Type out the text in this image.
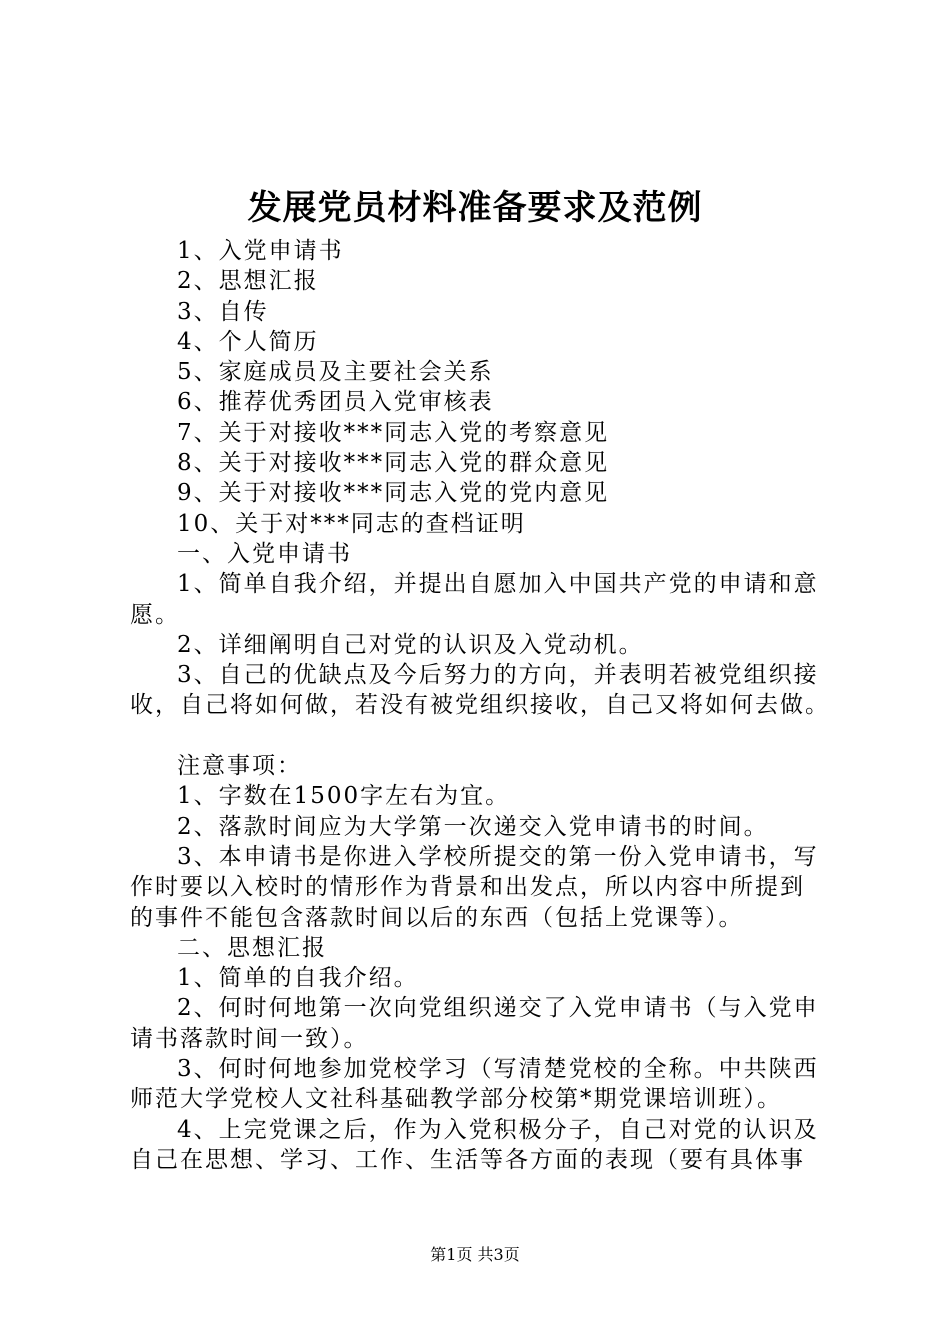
发展党员材料准备要求及范例
1、入党申请书
2、思想汇报
3、自传
4、个人简历
5、家庭成员及主要社会关系
6、推荐优秀团员入党审核表
7、关于对接收***同志入党的考察意见
8、关于对接收***同志入党的群众意见
9、关于对接收***同志入党的党内意见
10、关于对***同志的查档证明
一、入党申请书
1、简单自我介绍，并提出自愿加入中国共产党的申请和意
愿。
2、详细阐明自己对党的认识及入党动机。
3、自己的优缺点及今后努力的方向，并表明若被党组织接
收，自己将如何做，若没有被党组织接收，自己又将如何去做。
注意事项：
1、字数在1500字左右为宜。
2、落款时间应为大学第一次递交入党申请书的时间。
3、本申请书是你进入学校所提交的第一份入党申请书，写
作时要以入校时的情形作为背景和出发点，所以内容中所提到
的事件不能包含落款时间以后的东西（包括上党课等）。
二、思想汇报
1、简单的自我介绍。
2、何时何地第一次向党组织递交了入党申请书（与入党申
请书落款时间一致）。
3、何时何地参加党校学习（写清楚党校的全称。中共陕西
师范大学党校人文社科基础教学部分校第*期党课培训班）。
4、上完党课之后，作为入党积极分子，自己对党的认识及
自己在思想、学习、工作、生活等各方面的表现（要有具体事
第1页 共3页
